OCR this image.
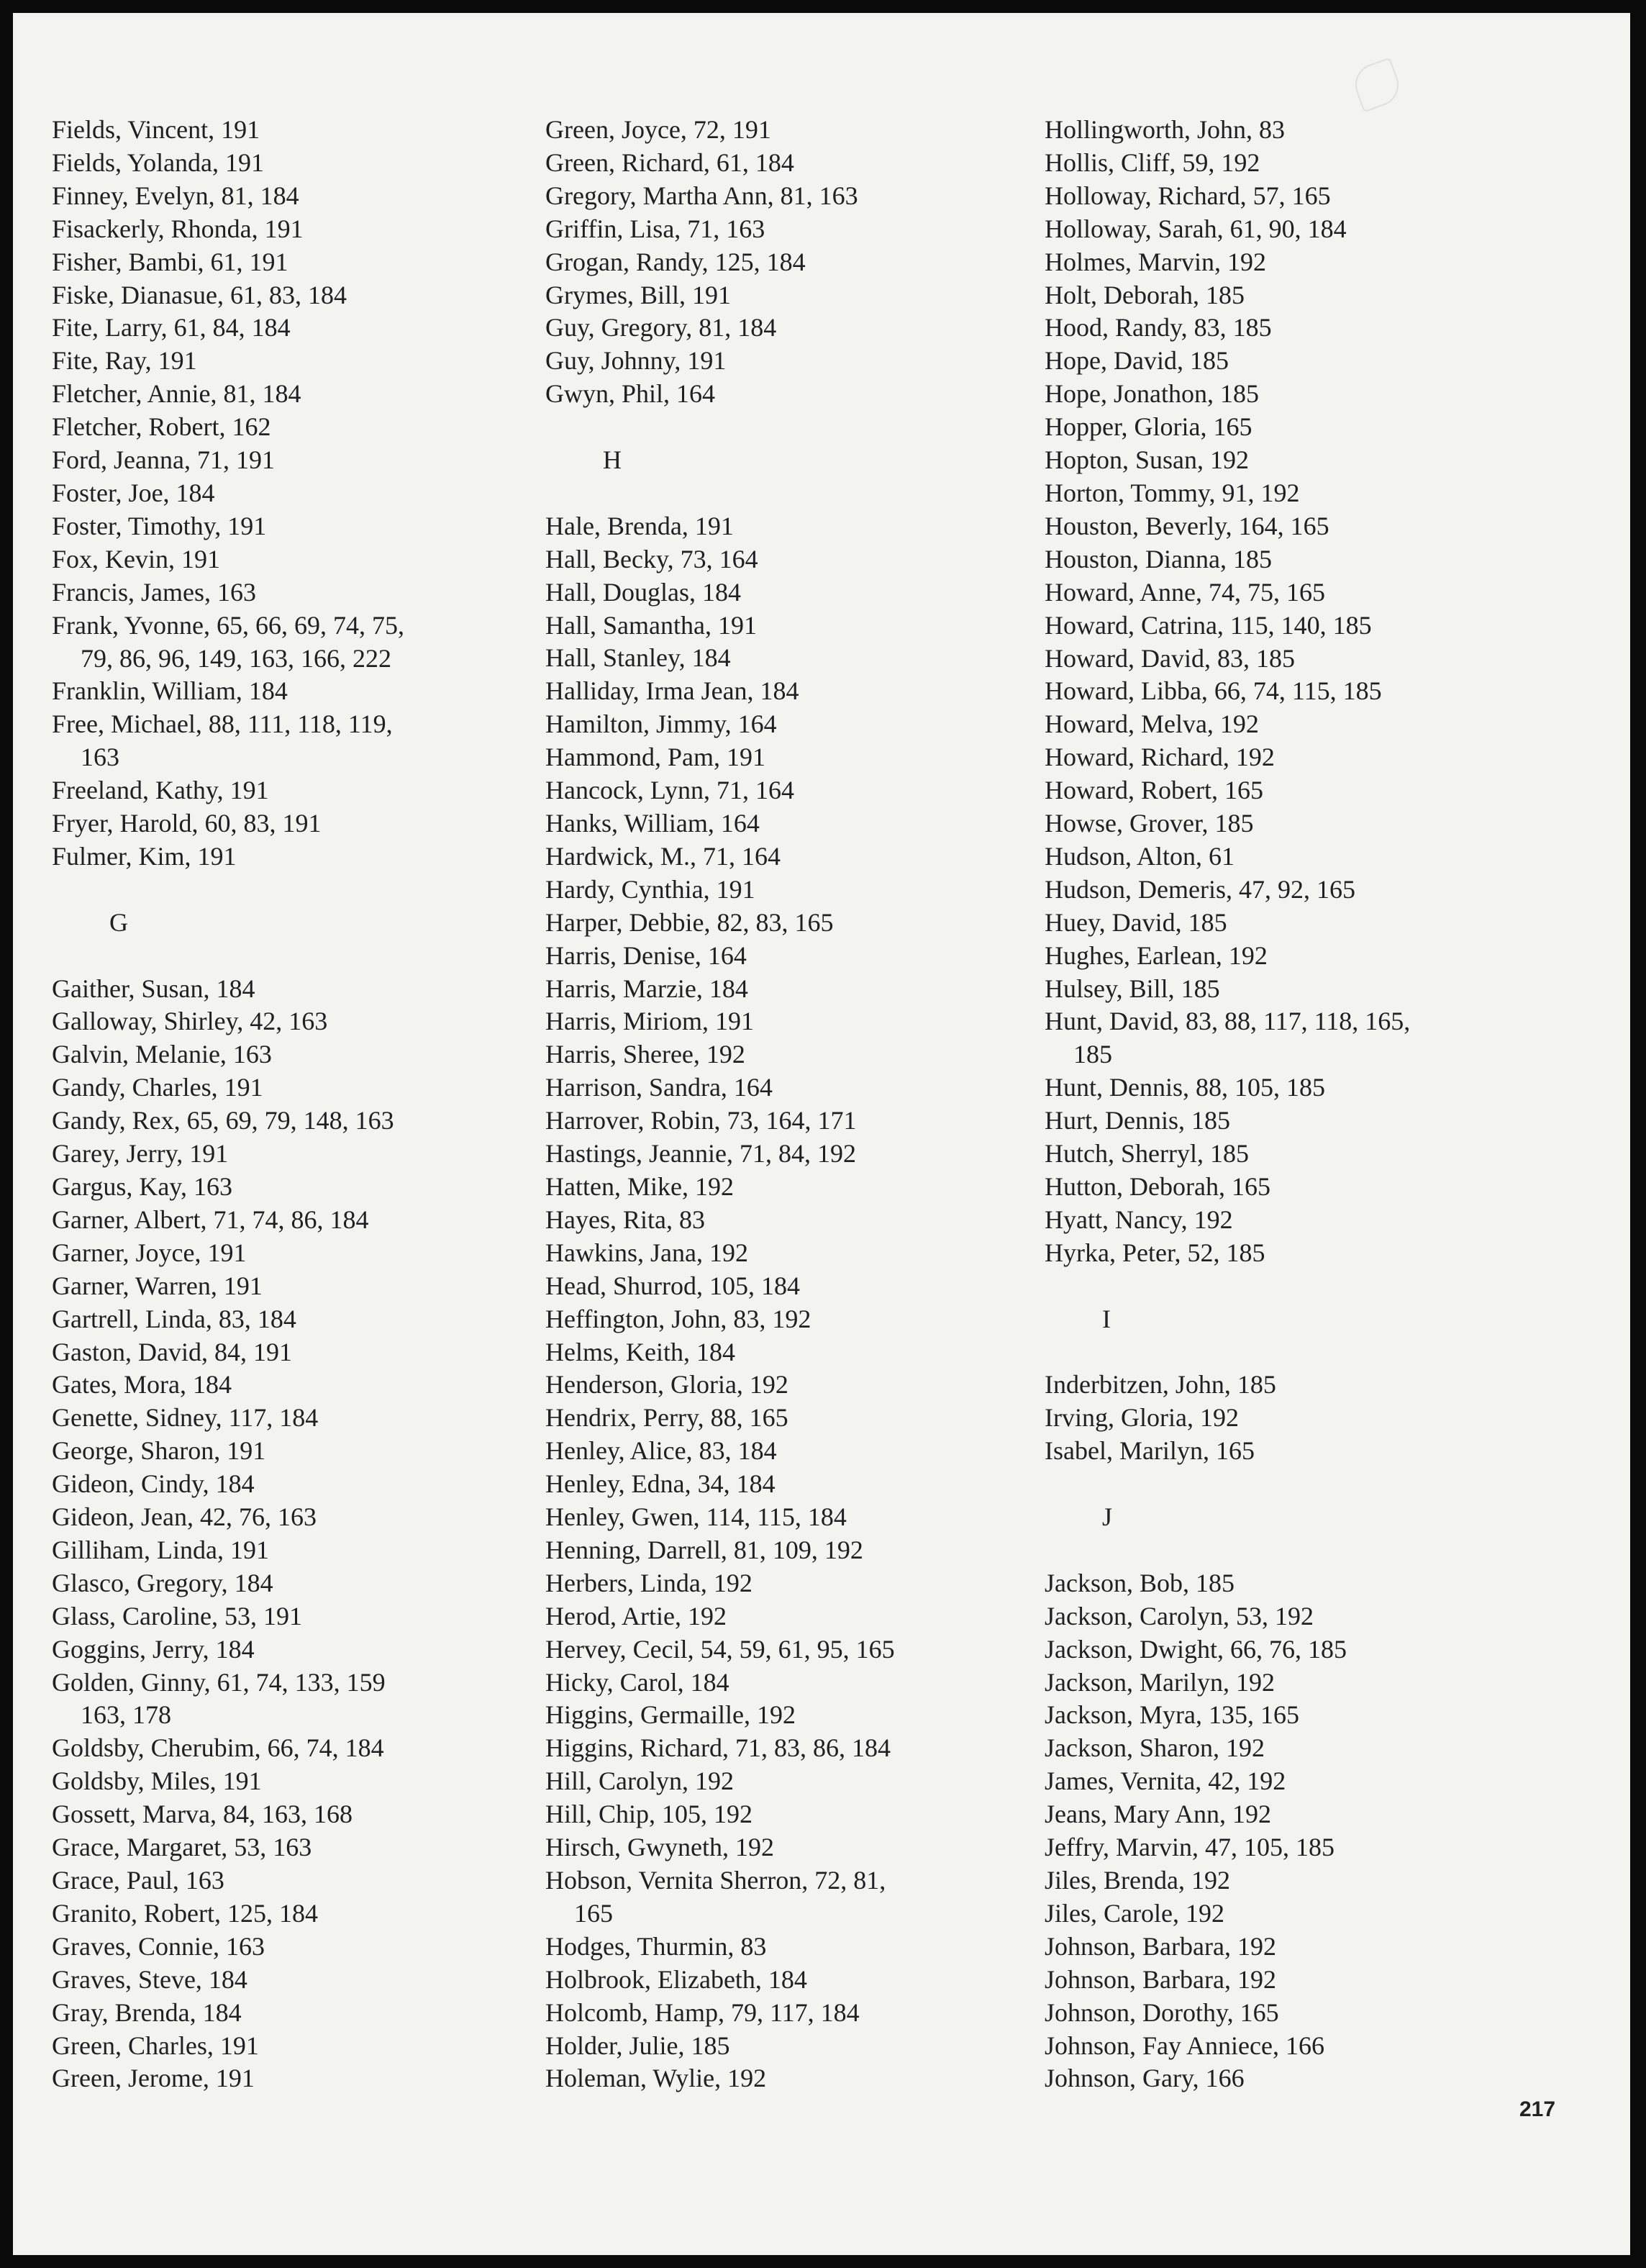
Fields, Vincent, 191
Fields, Yolanda, 191
Finney, Evelyn, 81, 184
Fisackerly, Rhonda, 191
Fisher, Bambi, 61, 191
Fiske, Dianasue, 61, 83, 184
Fite, Larry, 61, 84, 184
Fite, Ray, 191
Fletcher, Annie, 81, 184
Fletcher, Robert, 162
Ford, Jeanna, 71, 191
Foster, Joe, 184
Foster, Timothy, 191
Fox, Kevin, 191
Francis, James, 163
Frank, Yvonne, 65, 66, 69, 74, 75,
79, 86, 96, 149, 163, 166, 222
Franklin, William, 184
Free, Michael, 88, 111, 118, 119,
163
Freeland, Kathy, 191
Fryer, Harold, 60, 83, 191
Fulmer, Kim, 191
G
Gaither, Susan, 184
Galloway, Shirley, 42, 163
Galvin, Melanie, 163
Gandy, Charles, 191
Gandy, Rex, 65, 69, 79, 148, 163
Garey, Jerry, 191
Gargus, Kay, 163
Garner, Albert, 71, 74, 86, 184
Garner, Joyce, 191
Garner, Warren, 191
Gartrell, Linda, 83, 184
Gaston, David, 84, 191
Gates, Mora, 184
Genette, Sidney, 117, 184
George, Sharon, 191
Gideon, Cindy, 184
Gideon, Jean, 42, 76, 163
Gilliham, Linda, 191
Glasco, Gregory, 184
Glass, Caroline, 53, 191
Goggins, Jerry, 184
Golden, Ginny, 61, 74, 133, 159
163, 178
Goldsby, Cherubim, 66, 74, 184
Goldsby, Miles, 191
Gossett, Marva, 84, 163, 168
Grace, Margaret, 53, 163
Grace, Paul, 163
Granito, Robert, 125, 184
Graves, Connie, 163
Graves, Steve, 184
Gray, Brenda, 184
Green, Charles, 191
Green, Jerome, 191
Green, Joyce, 72, 191
Green, Richard, 61, 184
Gregory, Martha Ann, 81, 163
Griffin, Lisa, 71, 163
Grogan, Randy, 125, 184
Grymes, Bill, 191
Guy, Gregory, 81, 184
Guy, Johnny, 191
Gwyn, Phil, 164
H
Hale, Brenda, 191
Hall, Becky, 73, 164
Hall, Douglas, 184
Hall, Samantha, 191
Hall, Stanley, 184
Halliday, Irma Jean, 184
Hamilton, Jimmy, 164
Hammond, Pam, 191
Hancock, Lynn, 71, 164
Hanks, William, 164
Hardwick, M., 71, 164
Hardy, Cynthia, 191
Harper, Debbie, 82, 83, 165
Harris, Denise, 164
Harris, Marzie, 184
Harris, Miriom, 191
Harris, Sheree, 192
Harrison, Sandra, 164
Harrover, Robin, 73, 164, 171
Hastings, Jeannie, 71, 84, 192
Hatten, Mike, 192
Hayes, Rita, 83
Hawkins, Jana, 192
Head, Shurrod, 105, 184
Heffington, John, 83, 192
Helms, Keith, 184
Henderson, Gloria, 192
Hendrix, Perry, 88, 165
Henley, Alice, 83, 184
Henley, Edna, 34, 184
Henley, Gwen, 114, 115, 184
Henning, Darrell, 81, 109, 192
Herbers, Linda, 192
Herod, Artie, 192
Hervey, Cecil, 54, 59, 61, 95, 165
Hicky, Carol, 184
Higgins, Germaille, 192
Higgins, Richard, 71, 83, 86, 184
Hill, Carolyn, 192
Hill, Chip, 105, 192
Hirsch, Gwyneth, 192
Hobson, Vernita Sherron, 72, 81,
165
Hodges, Thurmin, 83
Holbrook, Elizabeth, 184
Holcomb, Hamp, 79, 117, 184
Holder, Julie, 185
Holeman, Wylie, 192
Hollingworth, John, 83
Hollis, Cliff, 59, 192
Holloway, Richard, 57, 165
Holloway, Sarah, 61, 90, 184
Holmes, Marvin, 192
Holt, Deborah, 185
Hood, Randy, 83, 185
Hope, David, 185
Hope, Jonathon, 185
Hopper, Gloria, 165
Hopton, Susan, 192
Horton, Tommy, 91, 192
Houston, Beverly, 164, 165
Houston, Dianna, 185
Howard, Anne, 74, 75, 165
Howard, Catrina, 115, 140, 185
Howard, David, 83, 185
Howard, Libba, 66, 74, 115, 185
Howard, Melva, 192
Howard, Richard, 192
Howard, Robert, 165
Howse, Grover, 185
Hudson, Alton, 61
Hudson, Demeris, 47, 92, 165
Huey, David, 185
Hughes, Earlean, 192
Hulsey, Bill, 185
Hunt, David, 83, 88, 117, 118, 165,
185
Hunt, Dennis, 88, 105, 185
Hurt, Dennis, 185
Hutch, Sherryl, 185
Hutton, Deborah, 165
Hyatt, Nancy, 192
Hyrka, Peter, 52, 185
I
Inderbitzen, John, 185
Irving, Gloria, 192
Isabel, Marilyn, 165
J
Jackson, Bob, 185
Jackson, Carolyn, 53, 192
Jackson, Dwight, 66, 76, 185
Jackson, Marilyn, 192
Jackson, Myra, 135, 165
Jackson, Sharon, 192
James, Vernita, 42, 192
Jeans, Mary Ann, 192
Jeffry, Marvin, 47, 105, 185
Jiles, Brenda, 192
Jiles, Carole, 192
Johnson, Barbara, 192
Johnson, Barbara, 192
Johnson, Dorothy, 165
Johnson, Fay Anniece, 166
Johnson, Gary, 166
217
